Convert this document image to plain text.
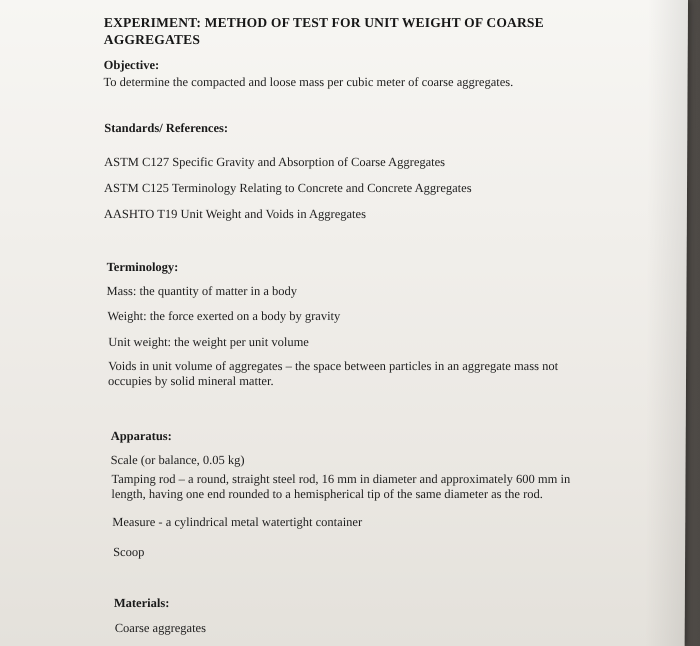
​
​	​
EXPERIMENT: METHOD OF TEST FOR UNIT WEIGHT OF COARSE AGGREGATES
Objective:
To determine the compacted and loose mass per cubic meter of coarse aggregates.
Standards/ References:
ASTM C127 Specific Gravity and Absorption of Coarse Aggregates
ASTM C125 Terminology Relating to Concrete and Concrete Aggregates
AASHTO T19 Unit Weight and Voids in Aggregates
Terminology:
Mass: the quantity of matter in a body
Weight: the force exerted on a body by gravity
Unit weight: the weight per unit volume
Voids in unit volume of aggregates – the space between particles in an aggregate mass not occupies by solid mineral matter.
Apparatus:
Scale (or balance, 0.05 kg)
Tamping rod – a round, straight steel rod, 16 mm in diameter and approximately 600 mm in length, having one end rounded to a hemispherical tip of the same diameter as the rod.
Measure - a cylindrical metal watertight container
Scoop
Materials:
Coarse aggregates
